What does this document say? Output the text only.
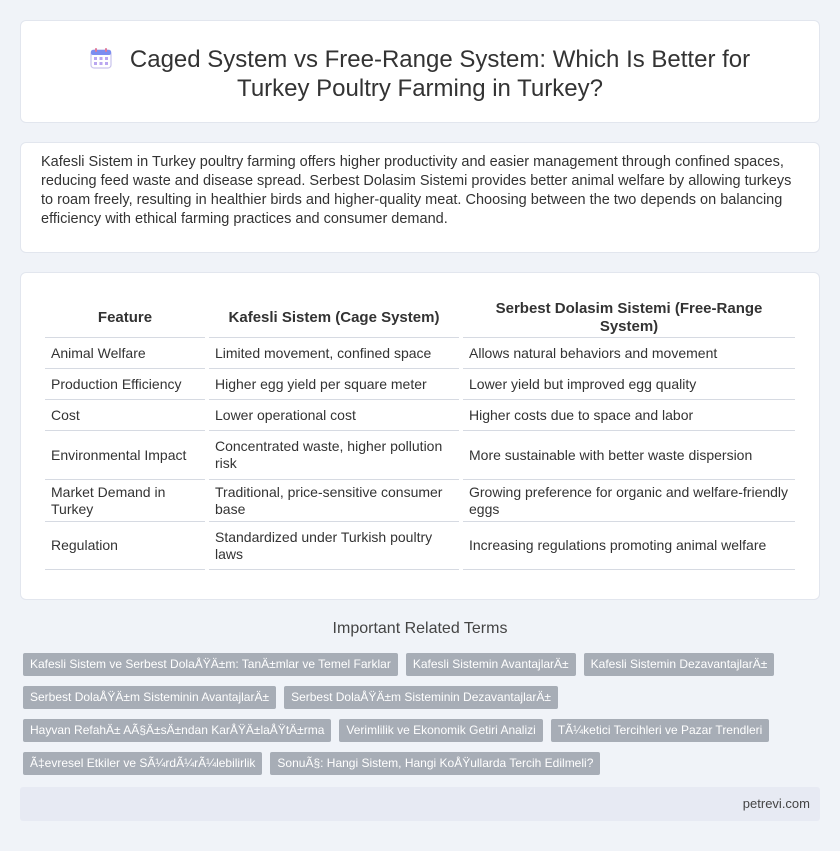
Caged System vs Free-Range System: Which Is Better for Turkey Poultry Farming in Turkey?

Kafesli Sistem in Turkey poultry farming offers higher productivity and easier management through confined spaces, reducing feed waste and disease spread. Serbest Dolasim Sistemi provides better animal welfare by allowing turkeys to roam freely, resulting in healthier birds and higher-quality meat. Choosing between the two depends on balancing efficiency with ethical farming practices and consumer demand.

Feature	Kafesli Sistem (Cage System)	Serbest Dolasim Sistemi (Free-Range System)
Animal Welfare	Limited movement, confined space	Allows natural behaviors and movement
Production Efficiency	Higher egg yield per square meter	Lower yield but improved egg quality
Cost	Lower operational cost	Higher costs due to space and labor
Environmental Impact	Concentrated waste, higher pollution risk	More sustainable with better waste dispersion
Market Demand in Turkey	Traditional, price-sensitive consumer base	Growing preference for organic and welfare-friendly eggs
Regulation	Standardized under Turkish poultry laws	Increasing regulations promoting animal welfare
Important Related Terms
Kafesli Sistem ve Serbest DolaÅŸÄ±m: TanÄ±mlar ve Temel Farklar	Kafesli Sistemin AvantajlarÄ±	Kafesli Sistemin DezavantajlarÄ±
Serbest DolaÅŸÄ±m Sisteminin AvantajlarÄ±	Serbest DolaÅŸÄ±m Sisteminin DezavantajlarÄ±
Hayvan RefahÄ± AÃ§Ä±sÄ±ndan KarÅŸÄ±laÅŸtÄ±rma	Verimlilik ve Ekonomik Getiri Analizi	TÃ¼ketici Tercihleri ve Pazar Trendleri
Ã‡evresel Etkiler ve SÃ¼rdÃ¼rÃ¼lebilirlik	SonuÃ§: Hangi Sistem, Hangi KoÅŸullarda Tercih Edilmeli?
petrevi.com
